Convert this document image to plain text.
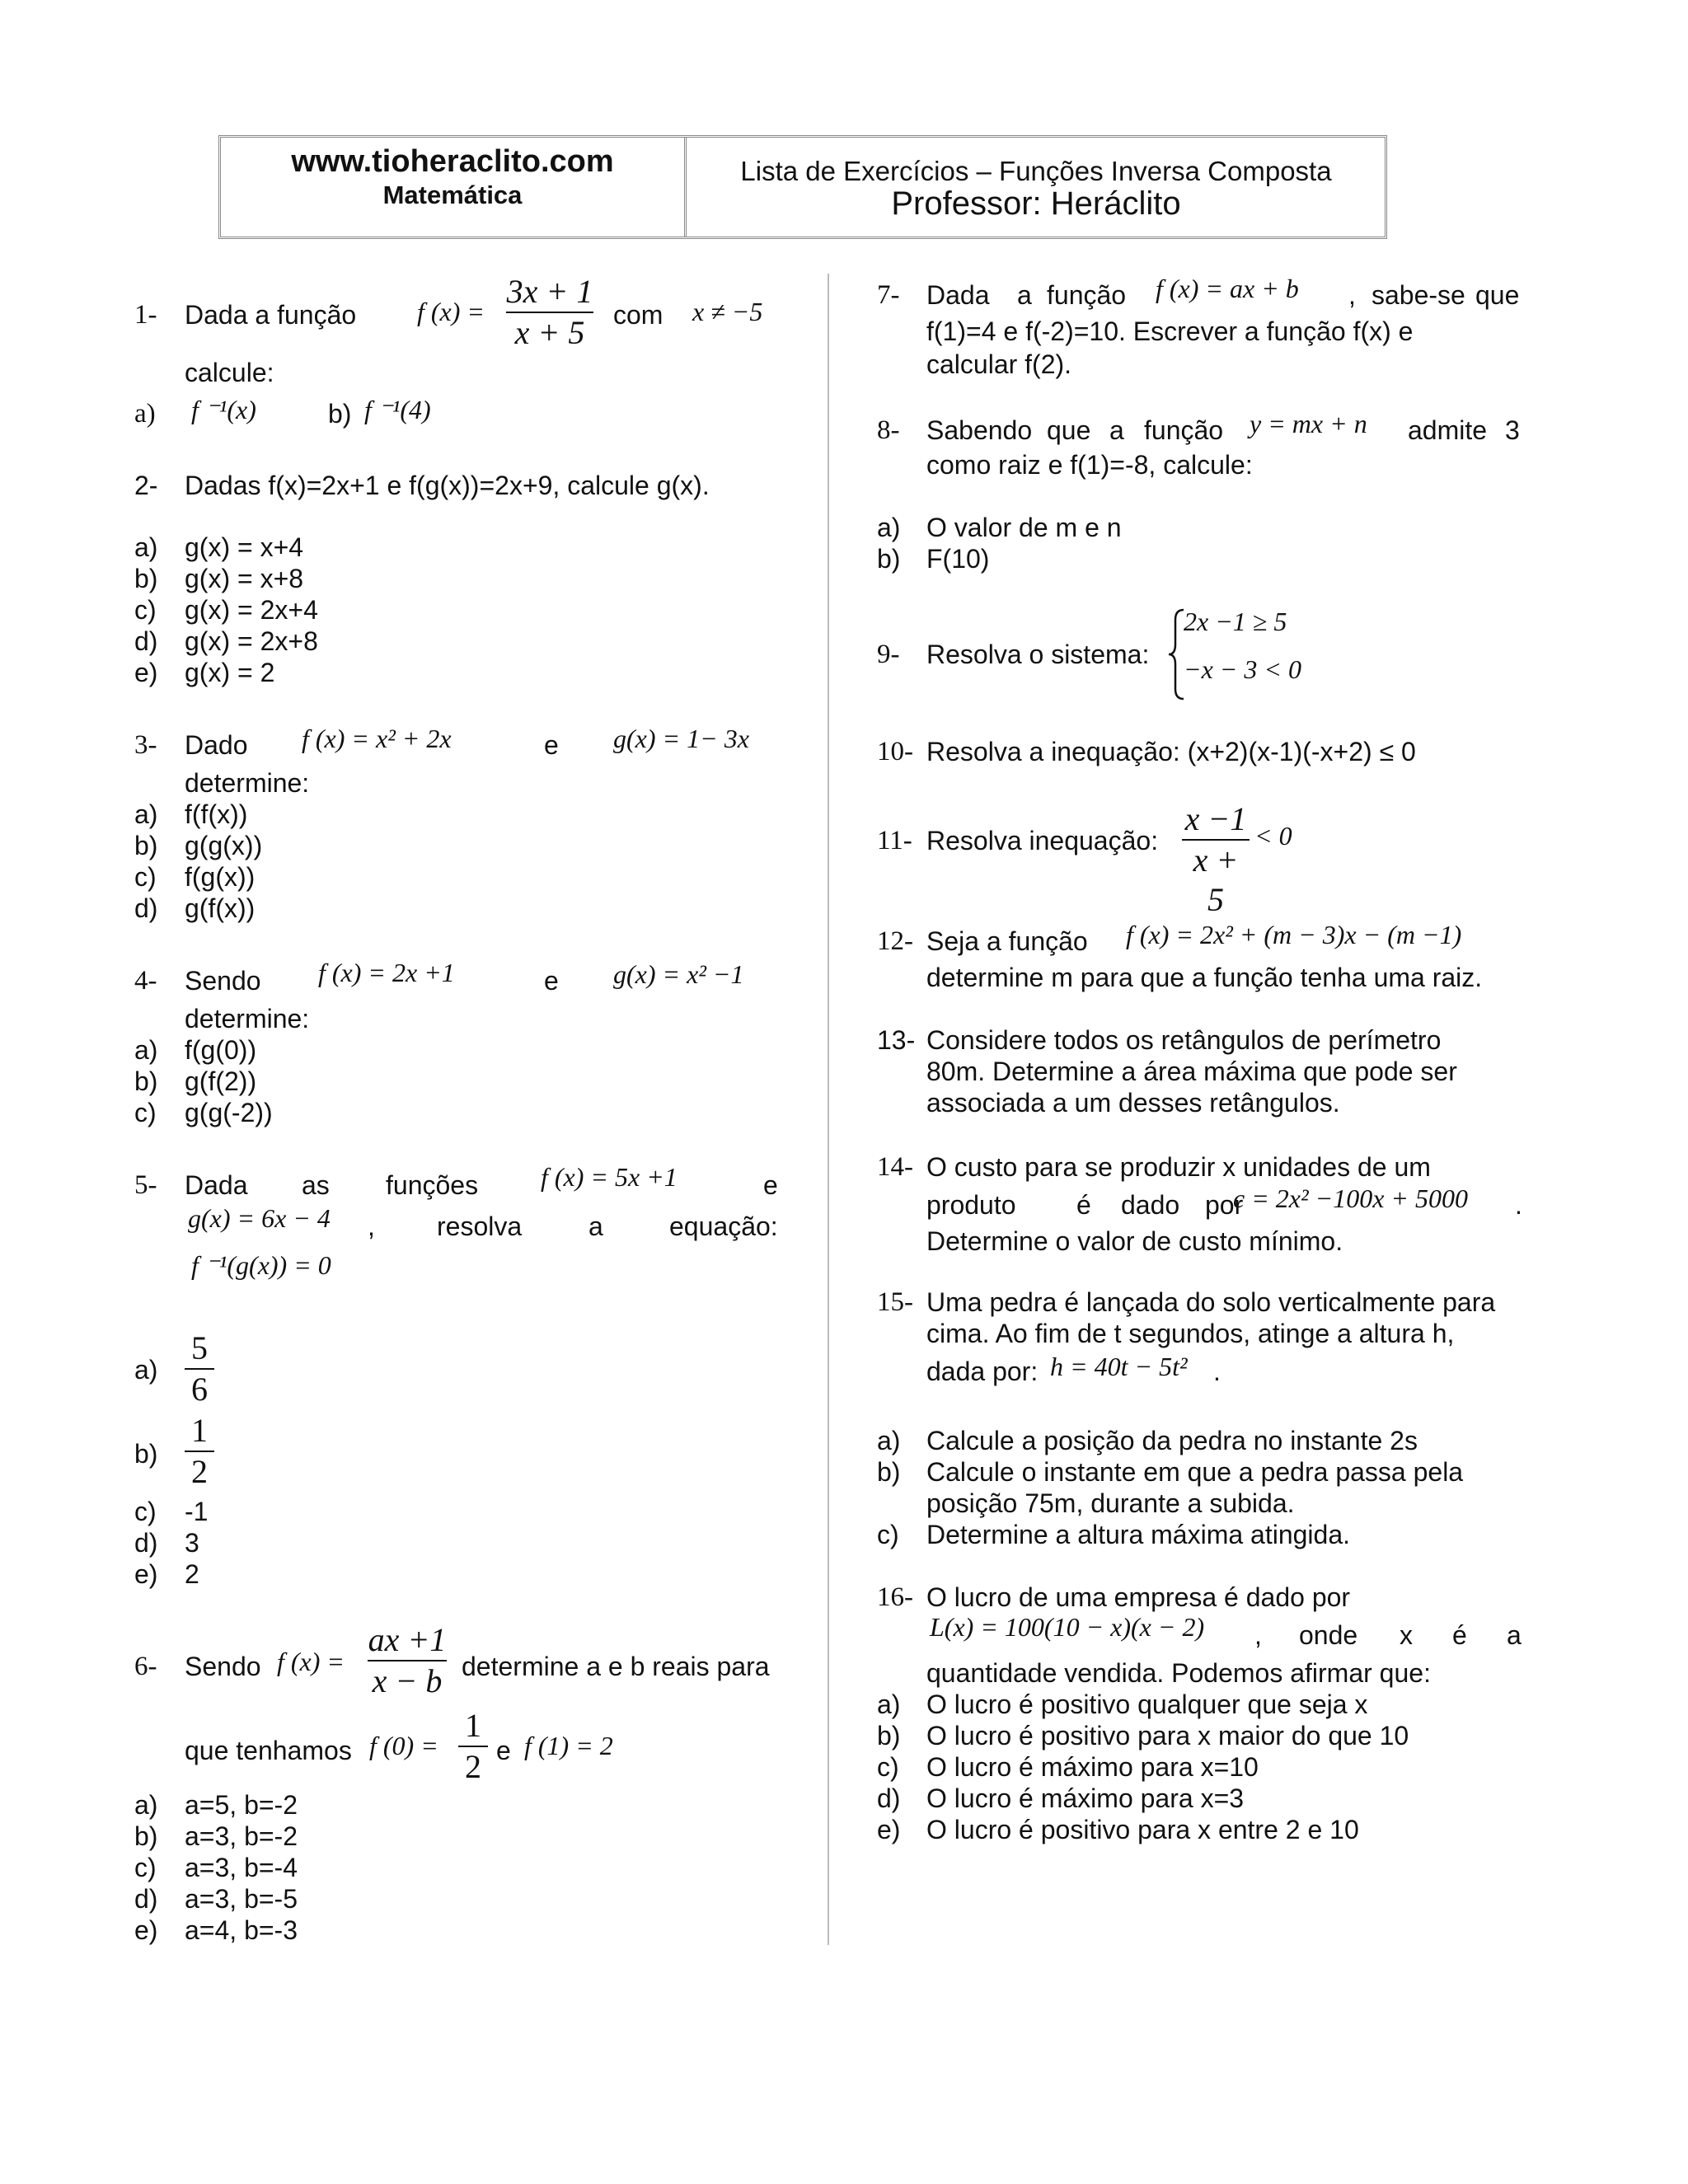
www.tioheraclito.com
Matemática
Lista de Exercícios – Funções Inversa Composta
Professor: Heráclito
1- Dada a função f (x) =
3x + 1
x + 5	com x ≠ −5
calcule:
a) f ⁻¹(x)	b) f ⁻¹(4)
2- Dadas f(x)=2x+1 e f(g(x))=2x+9, calcule g(x).
a) g(x) = x+4
b) g(x) = x+8
c) g(x) = 2x+4
d) g(x) = 2x+8
e) g(x) = 2
3- Dado f (x) = x² + 2x	e g(x) = 1− 3x
determine:
a) f(f(x))
b) g(g(x))
c) f(g(x))
d) g(f(x))
4- Sendo f (x) = 2x +1	e g(x) = x² −1
determine:
a) f(g(0))
b) g(f(2))
c) g(g(-2))
5- Dada as funções f (x) = 5x +1	e
g(x) = 6x − 4 , resolva	a	equação:
f ⁻¹(g(x)) = 0
a)
5
6
b)
1
2
c) -1
d) 3
e) 2
6- Sendo f (x) =
ax +1
x − b determine a e b reais para
que tenhamos f (0) =
1
2 e f (1) = 2
a) a=5, b=-2
b) a=3, b=-2
c) a=3, b=-4
d) a=3, b=-5
e) a=4, b=-3
7- Dada a função f (x) = ax + b , sabe-se que
f(1)=4 e f(-2)=10. Escrever a função f(x) e
calcular f(2).
8- Sabendo que a função y = mx + n admite 3
como raiz e f(1)=-8, calcule:
a) O valor de m e n
b) F(10)
9- Resolva o sistema:
2x −1 ≥ 5
−x − 3 < 0
10- Resolva a inequação: (x+2)(x-1)(-x+2) ≤ 0
11- Resolva inequação:
x −1
x + 5
< 0
12- Seja a função f (x) = 2x² + (m − 3)x − (m −1)
determine m para que a função tenha uma raiz.
13- Considere todos os retângulos de perímetro
80m. Determine a área máxima que pode ser
associada a um desses retângulos.
14- O custo para se produzir x unidades de um
produto é dado por
c = 2x² −100x + 5000 .
Determine o valor de custo mínimo.
15- Uma pedra é lançada do solo verticalmente para
cima. Ao fim de t segundos, atinge a altura h,
dada por: h = 40t − 5t² .
a) Calcule a posição da pedra no instante 2s
b) Calcule o instante em que a pedra passa pela
posição 75m, durante a subida.
c) Determine a altura máxima atingida.
16- O lucro de uma empresa é dado por
L(x) = 100(10 − x)(x − 2) , onde x é a
quantidade vendida. Podemos afirmar que:
a) O lucro é positivo qualquer que seja x
b) O lucro é positivo para x maior do que 10
c) O lucro é máximo para x=10
d) O lucro é máximo para x=3
e) O lucro é positivo para x entre 2 e 10
